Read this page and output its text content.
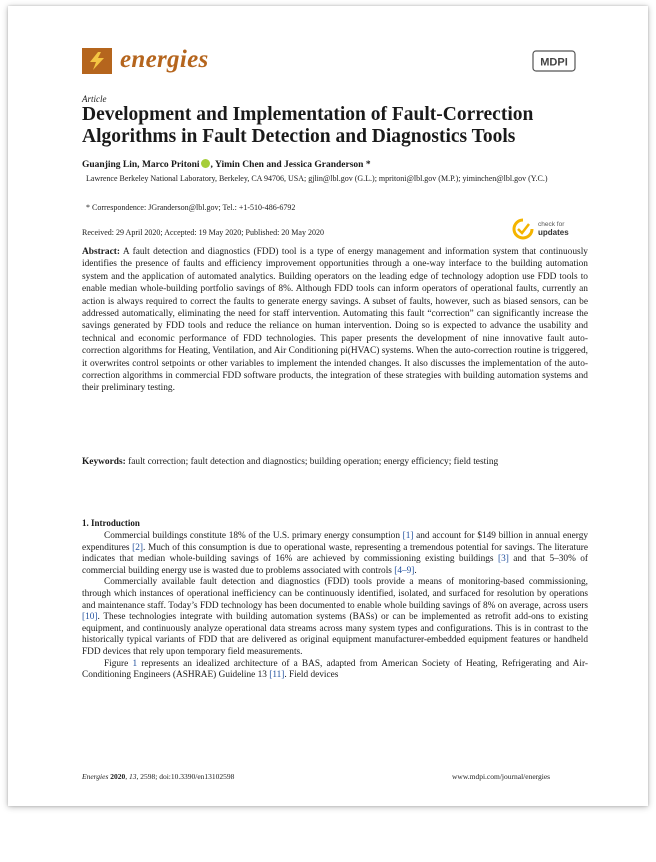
energies	MDPI
Article
Development and Implementation of Fault-Correction Algorithms in Fault Detection and Diagnostics Tools
Guanjing Lin, Marco Pritoni , Yimin Chen and Jessica Granderson *
Lawrence Berkeley National Laboratory, Berkeley, CA 94706, USA; gjlin@lbl.gov (G.L.); mpritoni@lbl.gov (M.P.); yiminchen@lbl.gov (Y.C.)
* Correspondence: JGranderson@lbl.gov; Tel.: +1-510-486-6792
Received: 29 April 2020; Accepted: 19 May 2020; Published: 20 May 2020
check for
updates

Abstract: A fault detection and diagnostics (FDD) tool is a type of energy management and information system that continuously identifies the presence of faults and efficiency improvement opportunities through a one-way interface to the building automation system and the application of automated analytics. Building operators on the leading edge of technology adoption use FDD tools to enable median whole-building portfolio savings of 8%. Although FDD tools can inform operators of operational faults, currently an action is always required to correct the faults to generate energy savings. A subset of faults, however, such as biased sensors, can be addressed automatically, eliminating the need for staff intervention. Automating this fault “correction” can significantly increase the savings generated by FDD tools and reduce the reliance on human intervention. Doing so is expected to advance the usability and technical and economic performance of FDD technologies. This paper presents the development of nine innovative fault auto-correction algorithms for Heating, Ventilation, and Air Conditioning pi(HVAC) systems. When the auto-correction routine is triggered, it overwrites control setpoints or other variables to implement the intended changes. It also discusses the implementation of the auto-correction algorithms in commercial FDD software products, the integration of these strategies with building automation systems and their preliminary testing.

Keywords: fault correction; fault detection and diagnostics; building operation; energy efficiency; field testing

1. Introduction

Commercial buildings constitute 18% of the U.S. primary energy consumption [1] and account for $149 billion in annual energy expenditures [2]. Much of this consumption is due to operational waste, representing a tremendous potential for savings. The literature indicates that median whole-building savings of 16% are achieved by commissioning existing buildings [3] and that 5–30% of commercial building energy use is wasted due to problems associated with controls [4–9].

Commercially available fault detection and diagnostics (FDD) tools provide a means of monitoring-based commissioning, through which instances of operational inefficiency can be continuously identified, isolated, and surfaced for resolution by operations and maintenance staff. Today’s FDD technology has been documented to enable whole building savings of 8% on average, across users [10]. These technologies integrate with building automation systems (BASs) or can be implemented as retrofit add-ons to existing equipment, and continuously analyze operational data streams across many system types and configurations. This is in contrast to the historically typical variants of FDD that are delivered as original equipment manufacturer-embedded equipment features or handheld FDD devices that rely upon temporary field measurements.

Figure 1 represents an idealized architecture of a BAS, adapted from American Society of Heating, Refrigerating and Air-Conditioning Engineers (ASHRAE) Guideline 13 [11]. Field devices

Energies 2020, 13, 2598; doi:10.3390/en13102598	www.mdpi.com/journal/energies
